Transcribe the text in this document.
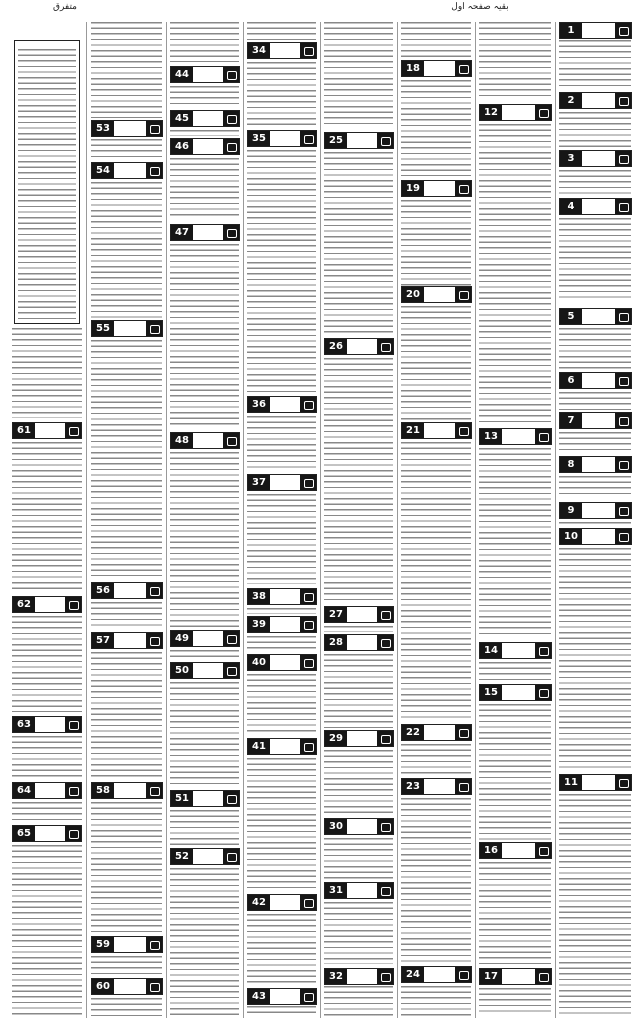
متفرق	بقیہ صفحہ اول
61
62
63
64
65
53
54
55
56
57
58
59
60
44
45
46
47
48
49
50
51
52
34
35
36
37
38
39
40
41
42
43
25
26
27
28
29
30
31
32
18
19
20
21
22
23
24
12
13
14
15
16
17
1
2
3
4
5
6
7
8
9
10
11
